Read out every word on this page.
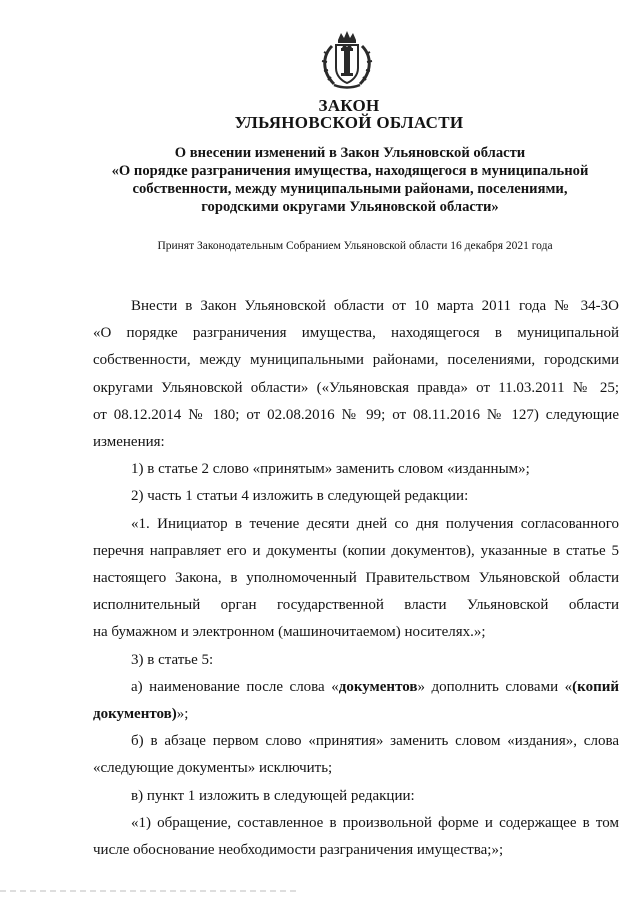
ЗАКОН
УЛЬЯНОВСКОЙ ОБЛАСТИ
О внесении изменений в Закон Ульяновской области
«О порядке разграничения имущества, находящегося в муниципальной
собственности, между муниципальными районами, поселениями,
городскими округами Ульяновской области»
Принят Законодательным Собранием Ульяновской области 16 декабря 2021 года
Внести в Закон Ульяновской области от 10 марта 2011 года № 34-ЗО
«О порядке разграничения имущества, находящегося в муниципальной
собственности, между муниципальными районами, поселениями, городскими
округами Ульяновской области» («Ульяновская правда» от 11.03.2011 № 25;
от 08.12.2014 № 180; от 02.08.2016 № 99; от 08.11.2016 № 127) следующие
изменения:
1) в статье 2 слово «принятым» заменить словом «изданным»;
2) часть 1 статьи 4 изложить в следующей редакции:
«1. Инициатор в течение десяти дней со дня получения согласованного
перечня направляет его и документы (копии документов), указанные в статье 5
настоящего Закона, в уполномоченный Правительством Ульяновской области
исполнительный орган государственной власти Ульяновской области
на бумажном и электронном (машиночитаемом) носителях.»;
3) в статье 5:
а) наименование после слова «документов» дополнить словами «(копий
документов)»;
б) в абзаце первом слово «принятия» заменить словом «издания», слова
«следующие документы» исключить;
в) пункт 1 изложить в следующей редакции:
«1) обращение, составленное в произвольной форме и содержащее в том
числе обоснование необходимости разграничения имущества;»;
